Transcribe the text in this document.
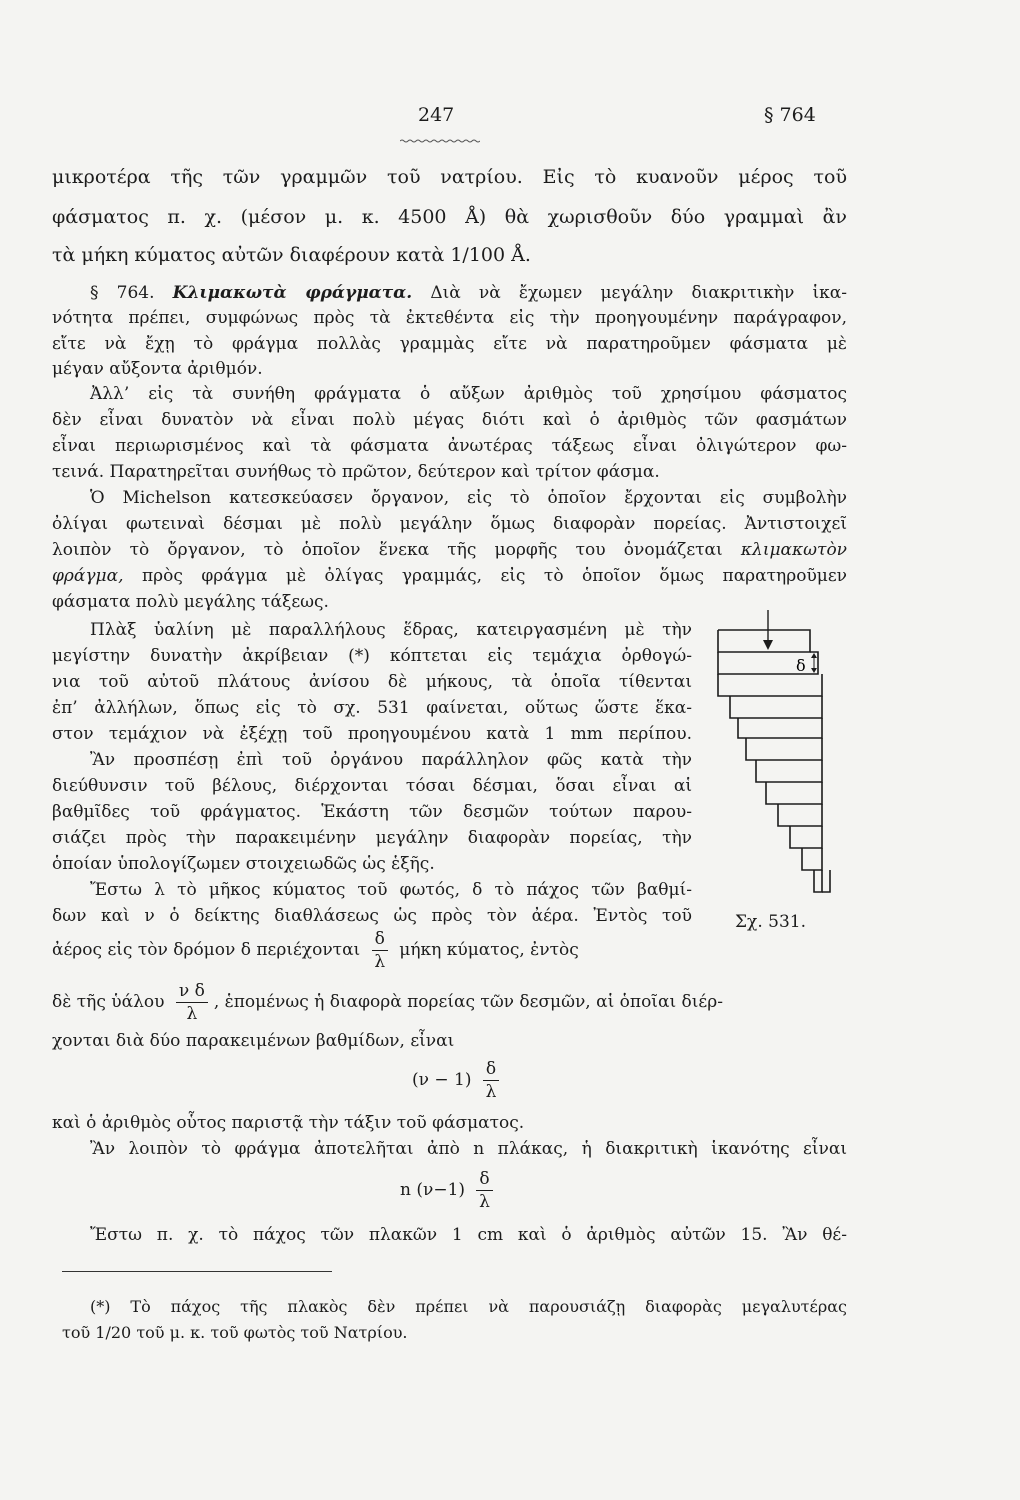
247	§ 764
μικροτέρα τῆς τῶν γραμμῶν τοῦ νατρίου. Εἰς τὸ κυανοῦν μέρος τοῦ
φάσματος π. χ. (μέσον μ. κ. 4500 Å) θὰ χωρισθοῦν δύο γραμμαὶ ἂν
τὰ μήκη κύματος αὐτῶν διαφέρουν κατὰ 1/100 Å.
§ 764. Κλιμακωτὰ φράγματα. Διὰ νὰ ἔχωμεν μεγάλην διακριτικὴν ἱκα-
νότητα πρέπει, συμφώνως πρὸς τὰ ἐκτεθέντα εἰς τὴν προηγουμένην παράγραφον,
εἴτε νὰ ἔχῃ τὸ φράγμα πολλὰς γραμμὰς εἴτε νὰ παρατηροῦμεν φάσματα μὲ
μέγαν αὔξοντα ἀριθμόν.
Ἀλλ’ εἰς τὰ συνήθη φράγματα ὁ αὔξων ἀριθμὸς τοῦ χρησίμου φάσματος
δὲν εἶναι δυνατὸν νὰ εἶναι πολὺ μέγας διότι καὶ ὁ ἀριθμὸς τῶν φασμάτων
εἶναι περιωρισμένος καὶ τὰ φάσματα ἀνωτέρας τάξεως εἶναι ὀλιγώτερον φω-
τεινά. Παρατηρεῖται συνήθως τὸ πρῶτον, δεύτερον καὶ τρίτον φάσμα.
Ὁ Michelson κατεσκεύασεν ὄργανον, εἰς τὸ ὁποῖον ἔρχονται εἰς συμβολὴν
ὀλίγαι φωτειναὶ δέσμαι μὲ πολὺ μεγάλην ὅμως διαφορὰν πορείας. Ἀντιστοιχεῖ
λοιπὸν τὸ ὄργανον, τὸ ὁποῖον ἕνεκα τῆς μορφῆς του ὀνομάζεται κλιμακωτὸν
φράγμα, πρὸς φράγμα μὲ ὀλίγας γραμμάς, εἰς τὸ ὁποῖον ὅμως παρατηροῦμεν
φάσματα πολὺ μεγάλης τάξεως.
Πλὰξ ὑαλίνη μὲ παραλλήλους ἕδρας, κατειργασμένη μὲ τὴν
μεγίστην δυνατὴν ἀκρίβειαν (*) κόπτεται εἰς τεμάχια ὀρθογώ-
νια τοῦ αὐτοῦ πλάτους ἀνίσου δὲ μήκους, τὰ ὁποῖα τίθενται
ἐπ’ ἀλλήλων, ὅπως εἰς τὸ σχ. 531 φαίνεται, οὕτως ὥστε ἕκα-
στον τεμάχιον νὰ ἐξέχῃ τοῦ προηγουμένου κατὰ 1 mm περίπου.
Ἂν προσπέσῃ ἐπὶ τοῦ ὀργάνου παράλληλον φῶς κατὰ τὴν
διεύθυνσιν τοῦ βέλους, διέρχονται τόσαι δέσμαι, ὅσαι εἶναι αἱ
βαθμῖδες τοῦ φράγματος. Ἑκάστη τῶν δεσμῶν τούτων παρου-
σιάζει πρὸς τὴν παρακειμένην μεγάλην διαφορὰν πορείας, τὴν
ὁποίαν ὑπολογίζωμεν στοιχειωδῶς ὡς ἑξῆς.
Ἔστω λ τὸ μῆκος κύματος τοῦ φωτός, δ τὸ πάχος τῶν βαθμί-
δων καὶ ν ὁ δείκτης διαθλάσεως ὡς πρὸς τὸν ἀέρα. Ἐντὸς τοῦ
ἀέρος εἰς τὸν δρόμον δ περιέχονται $\frac{\delta}{\lambda}$ μήκη κύματος, ἐντὸς
δὲ τῆς ὑάλου $\frac{\text{ν δ}}{\lambda}$ , ἑπομένως ἡ διαφορὰ πορείας τῶν δεσμῶν, αἱ ὁποῖαι διέρ-
χονται διὰ δύο παρακειμένων βαθμίδων, εἶναι
$(\nu - 1) \frac{\delta}{\lambda}$
καὶ ὁ ἀριθμὸς οὗτος παριστᾷ τὴν τάξιν τοῦ φάσματος.
Ἂν λοιπὸν τὸ φράγμα ἀποτελῆται ἀπὸ n πλάκας, ἡ διακριτικὴ ἱκανότης εἶναι
n $(\nu-1) \frac{\delta}{\lambda}$
Ἔστω π. χ. τὸ πάχος τῶν πλακῶν 1 cm καὶ ὁ ἀριθμὸς αὐτῶν 15. Ἂν θέ-
(*) Τὸ πάχος τῆς πλακὸς δὲν πρέπει νὰ παρουσιάζῃ διαφορὰς μεγαλυτέρας
τοῦ 1/20 τοῦ μ. κ. τοῦ φωτὸς τοῦ Νατρίου.
δ
Σχ. 531.
